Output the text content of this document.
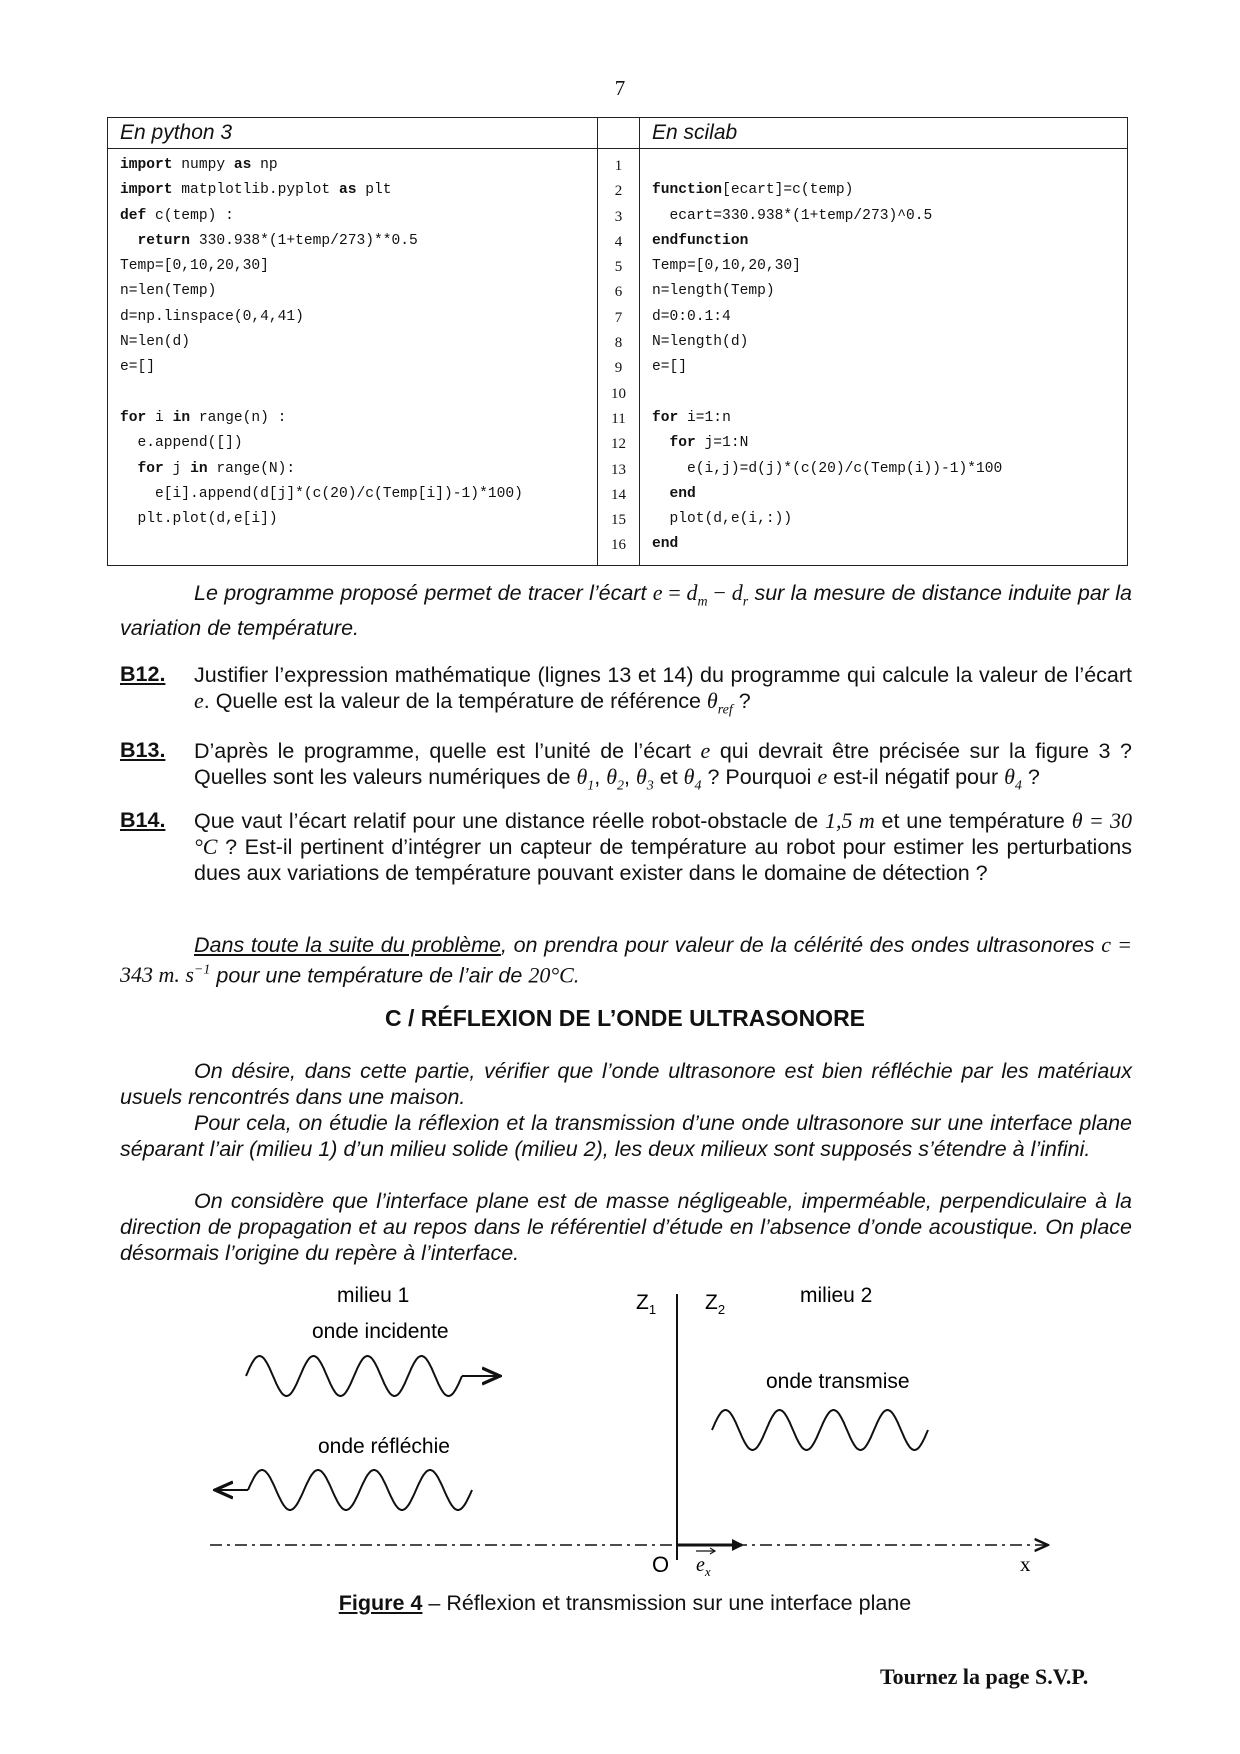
7
En python 3
import numpy as np
import matplotlib.pyplot as plt
def c(temp) :
return 330.938*(1+temp/273)**0.5
Temp=[0,10,20,30]
n=len(Temp)
d=np.linspace(0,4,41)
N=len(d)
e=[]
for i in range(n) :
e.append([])
for j in range(N):
e[i].append(d[j]*(c(20)/c(Temp[i])-1)*100)
plt.plot(d,e[i])
1
2
3
4
5
6
7
8
9
10
11
12
13
14
15
16
En scilab
function[ecart]=c(temp)
ecart=330.938*(1+temp/273)^0.5
endfunction
Temp=[0,10,20,30]
n=length(Temp)
d=0:0.1:4
N=length(d)
e=[]
for i=1:n
for j=1:N
e(i,j)=d(j)*(c(20)/c(Temp(i))-1)*100
end
plot(d,e(i,:))
end
Le programme proposé permet de tracer l’écart $e = d_m - d_r$ sur la mesure de distance induite par la variation de température.
B12. Justifier l’expression mathématique (lignes 13 et 14) du programme qui calcule la valeur de l’écart e. Quelle est la valeur de la température de référence $\theta_{ref}$ ?
B13. D’après le programme, quelle est l’unité de l’écart e qui devrait être précisée sur la figure 3 ? Quelles sont les valeurs numériques de $\theta_1$, $\theta_2$, $\theta_3$ et $\theta_4$ ? Pourquoi e est-il négatif pour $\theta_4$ ?
B14. Que vaut l’écart relatif pour une distance réelle robot-obstacle de 1,5 m et une température θ = 30 °C ? Est-il pertinent d’intégrer un capteur de température au robot pour estimer les perturbations dues aux variations de température pouvant exister dans le domaine de détection ?
Dans toute la suite du problème, on prendra pour valeur de la célérité des ondes ultrasonores c = 343 m. $s^{-1}$ pour une température de l’air de 20°C.
C / RÉFLEXION DE L’ONDE ULTRASONORE
On désire, dans cette partie, vérifier que l’onde ultrasonore est bien réfléchie par les matériaux usuels rencontrés dans une maison.
Pour cela, on étudie la réflexion et la transmission d’une onde ultrasonore sur une interface plane séparant l’air (milieu 1) d’un milieu solide (milieu 2), les deux milieux sont supposés s’étendre à l’infini.
On considère que l’interface plane est de masse négligeable, imperméable, perpendiculaire à la direction de propagation et au repos dans le référentiel d’étude en l’absence d’onde acoustique. On place désormais l’origine du repère à l’interface.
milieu 1	milieu 2
onde incidente
onde réfléchie
onde transmise
$Z_1$ $Z_2$
O $e_x$	x
Figure 4 – Réflexion et transmission sur une interface plane
Tournez la page S.V.P.
